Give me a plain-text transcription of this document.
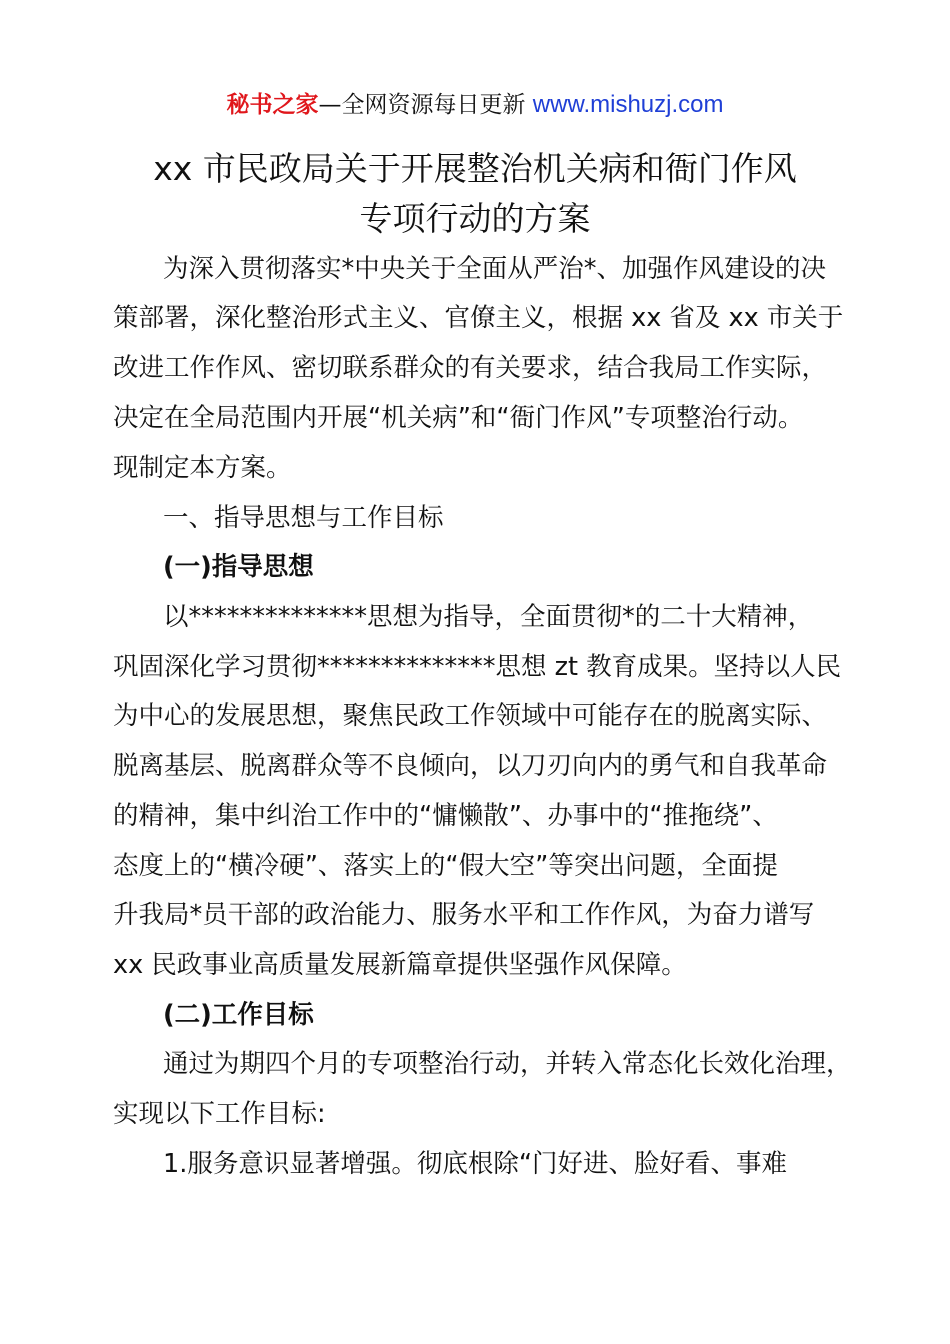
秘书之家—全网资源每日更新 www.mishuzj.com
xx 市民政局关于开展整治机关病和衙门作风
专项行动的方案
为深入贯彻落实*中央关于全面从严治*、加强作风建设的决
策部署，深化整治形式主义、官僚主义，根据 xx 省及 xx 市关于
改进工作作风、密切联系群众的有关要求，结合我局工作实际，
决定在全局范围内开展“机关病”和“衙门作风”专项整治行动。
现制定本方案。
一、指导思想与工作目标
(一)指导思想
以**************思想为指导，全面贯彻*的二十大精神，
巩固深化学习贯彻**************思想 zt 教育成果。坚持以人民
为中心的发展思想，聚焦民政工作领域中可能存在的脱离实际、
脱离基层、脱离群众等不良倾向，以刀刃向内的勇气和自我革命
的精神，集中纠治工作中的“慵懒散”、办事中的“推拖绕”、
态度上的“横冷硬”、落实上的“假大空”等突出问题，全面提
升我局*员干部的政治能力、服务水平和工作作风，为奋力谱写
xx 民政事业高质量发展新篇章提供坚强作风保障。
(二)工作目标
通过为期四个月的专项整治行动，并转入常态化长效化治理，
实现以下工作目标:
1.服务意识显著增强。彻底根除“门好进、脸好看、事难
